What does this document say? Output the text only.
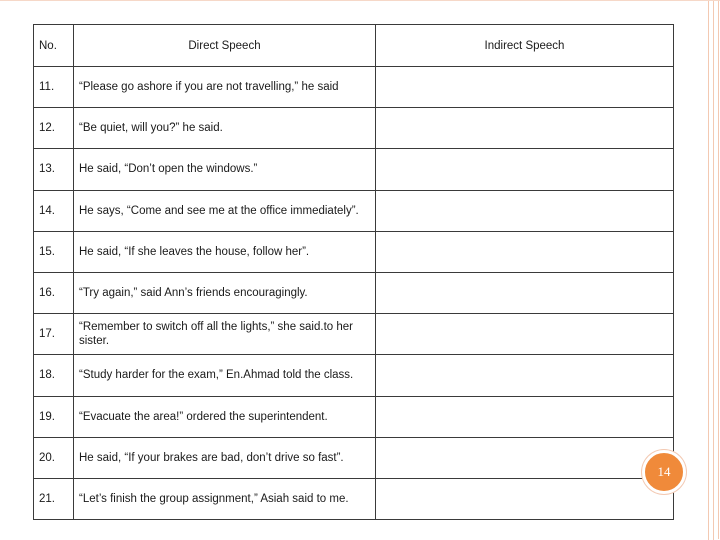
No.	Direct Speech	Indirect Speech
11.	“Please go ashore if you are not travelling,” he said	
12.	“Be quiet, will you?” he said.	
13.	He said, “Don’t open the windows.”	
14.	He says, “Come and see me at the office immediately”.	
15.	He said, “If she leaves the house, follow her”.	
16.	“Try again,” said Ann’s friends encouragingly.	
17.	“Remember to switch off all the lights,” she said.to her sister.	
18.	“Study harder for the exam,” En.Ahmad told the class.	
19.	“Evacuate the area!” ordered the superintendent.	
20.	He said, “If your brakes are bad, don’t drive so fast”.	
21.	“Let’s finish the group assignment,” Asiah said to me.	
14
